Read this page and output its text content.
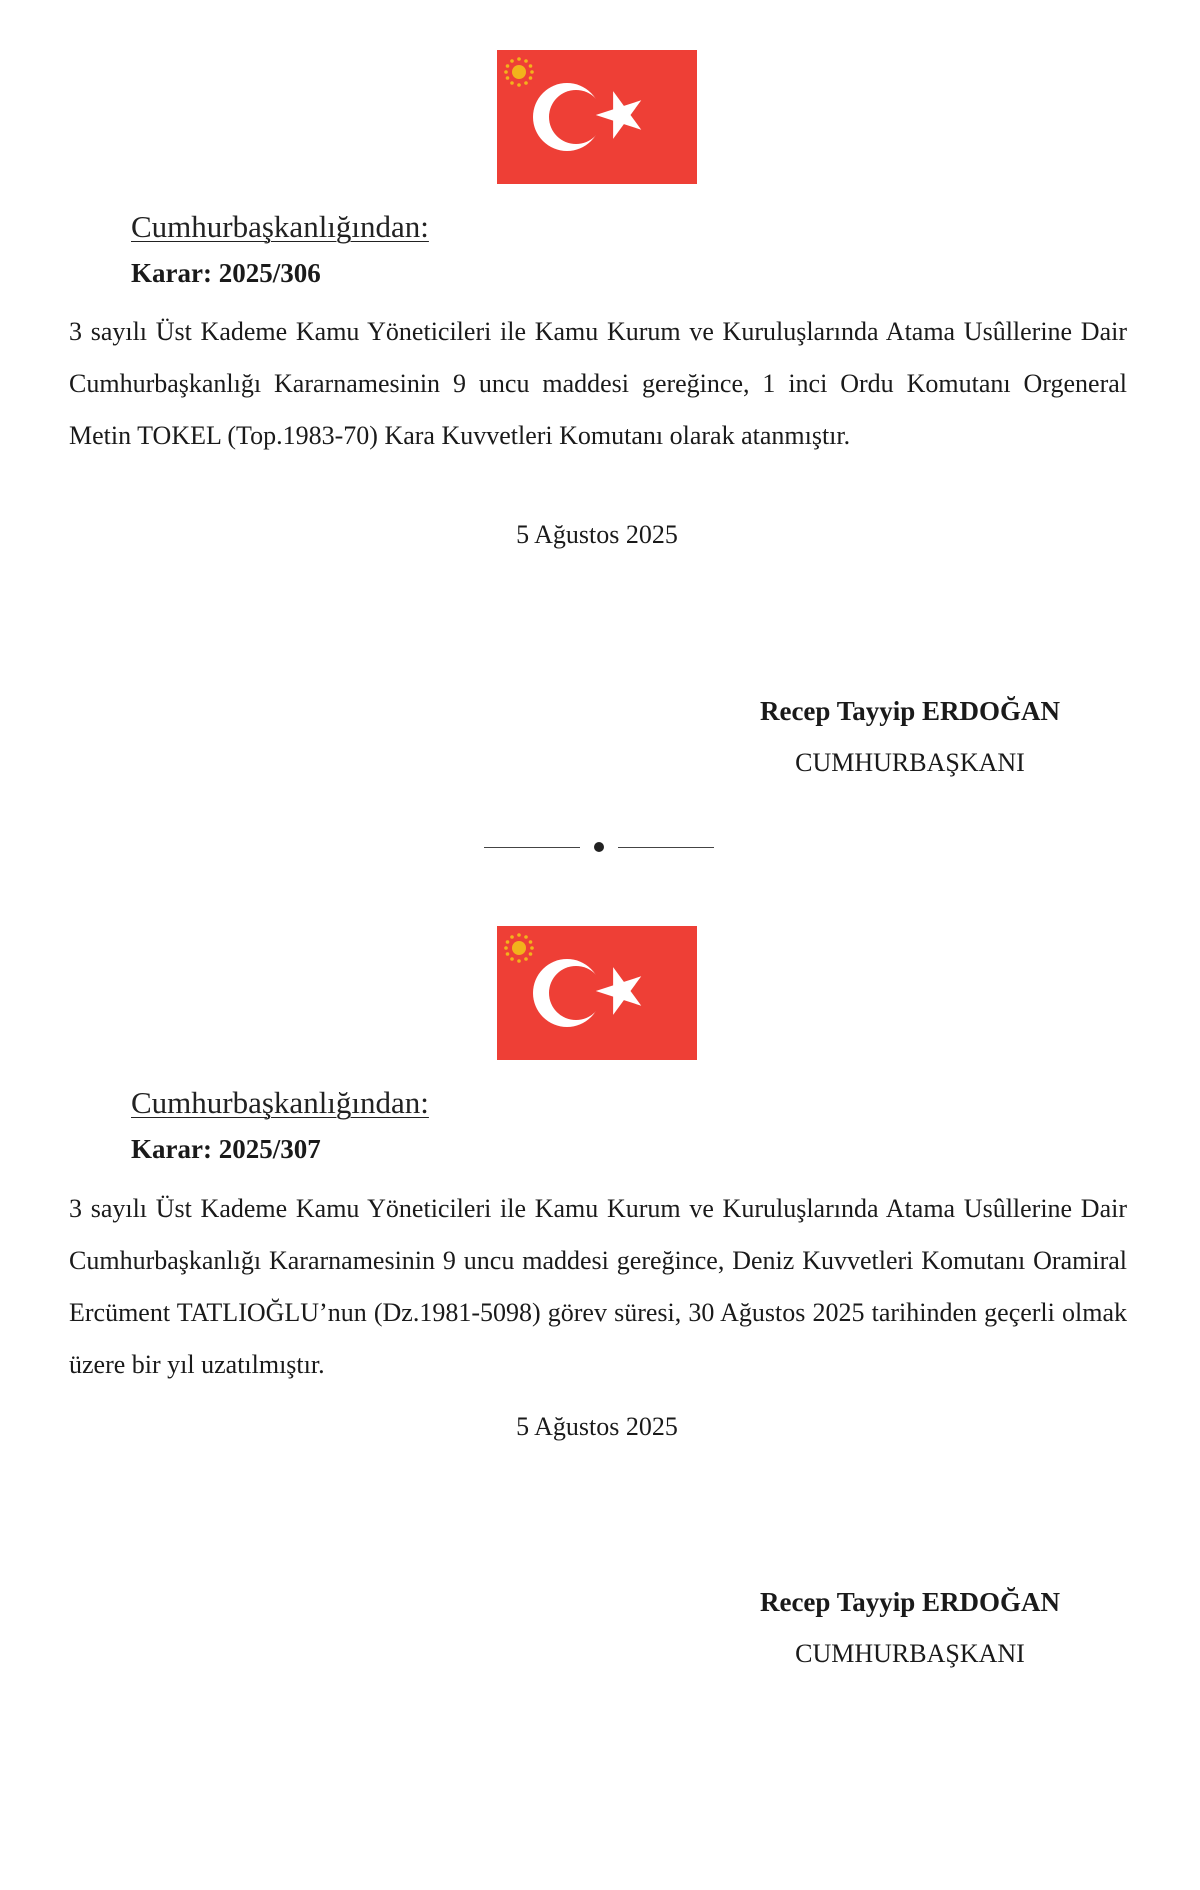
Cumhurbaşkanlığından:

Karar: 2025/306

3 sayılı Üst Kademe Kamu Yöneticileri ile Kamu Kurum ve Kuruluşlarında Atama Usûllerine Dair Cumhurbaşkanlığı Kararnamesinin 9 uncu maddesi gereğince, 1 inci Ordu Komutanı Orgeneral Metin TOKEL (Top.1983-70) Kara Kuvvetleri Komutanı olarak atanmıştır.

5 Ağustos 2025

Recep Tayyip ERDOĞAN

CUMHURBAŞKANI

Cumhurbaşkanlığından:

Karar: 2025/307

3 sayılı Üst Kademe Kamu Yöneticileri ile Kamu Kurum ve Kuruluşlarında Atama Usûllerine Dair Cumhurbaşkanlığı Kararnamesinin 9 uncu maddesi gereğince, Deniz Kuvvetleri Komutanı Oramiral Ercüment TATLIOĞLU’nun (Dz.1981-5098) görev süresi, 30 Ağustos 2025 tarihinden geçerli olmak üzere bir yıl uzatılmıştır.

5 Ağustos 2025

Recep Tayyip ERDOĞAN

CUMHURBAŞKANI
